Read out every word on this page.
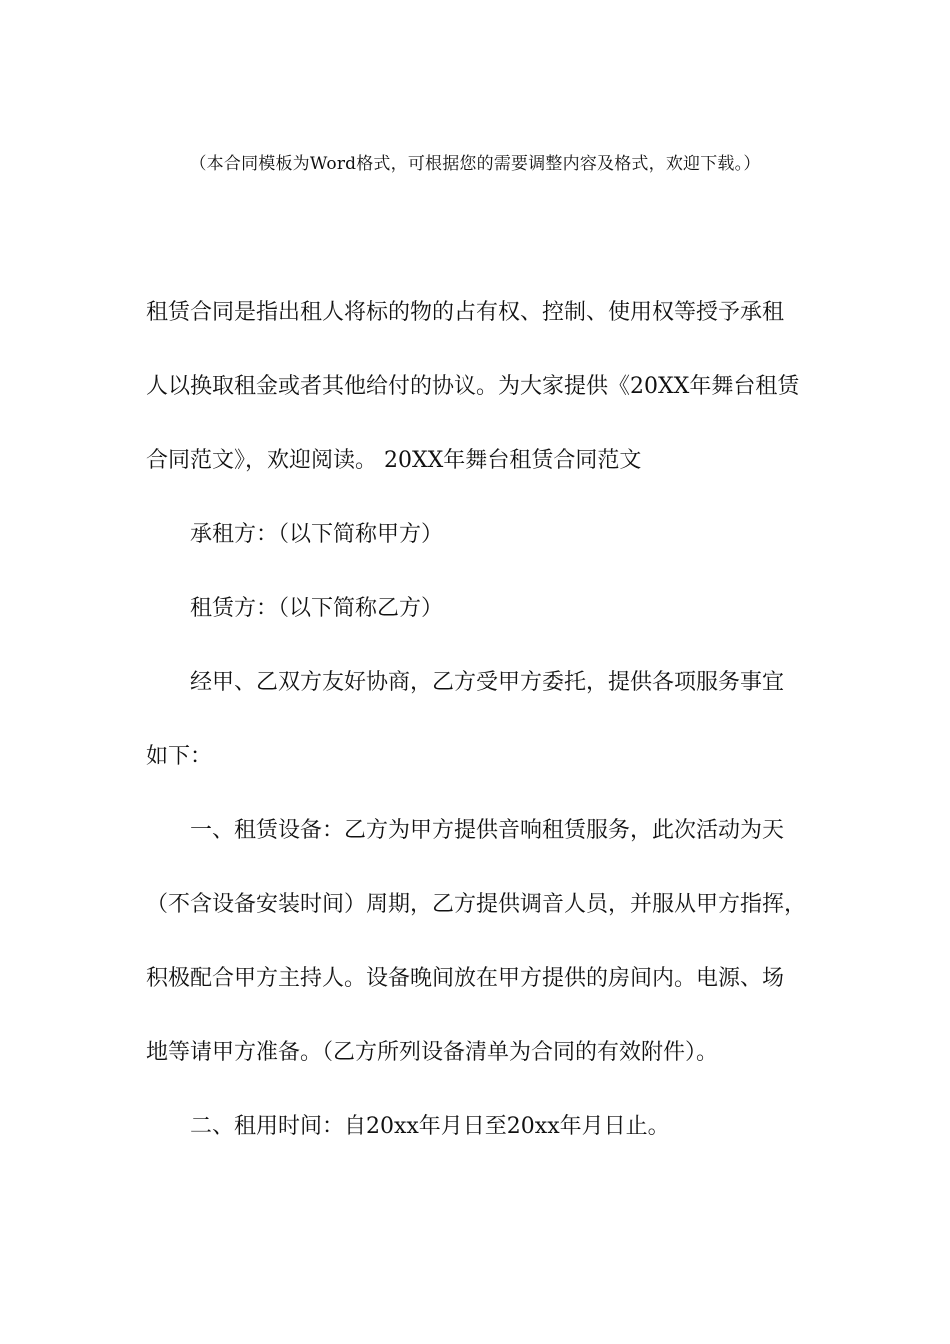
（本合同模板为Word格式，可根据您的需要调整内容及格式，欢迎下载。）
租赁合同是指出租人将标的物的占有权、控制、使用权等授予承租
人以换取租金或者其他给付的协议。为大家提供《20XX年舞台租赁
合同范文》，欢迎阅读。 20XX年舞台租赁合同范文
承租方：（以下简称甲方）
租赁方：（以下简称乙方）
经甲、乙双方友好协商，乙方受甲方委托，提供各项服务事宜
如下：
一、租赁设备：乙方为甲方提供音响租赁服务，此次活动为天
（不含设备安装时间）周期，乙方提供调音人员，并服从甲方指挥，
积极配合甲方主持人。设备晚间放在甲方提供的房间内。电源、场
地等请甲方准备。（乙方所列设备清单为合同的有效附件）。
二、租用时间：自20xx年月日至20xx年月日止。
